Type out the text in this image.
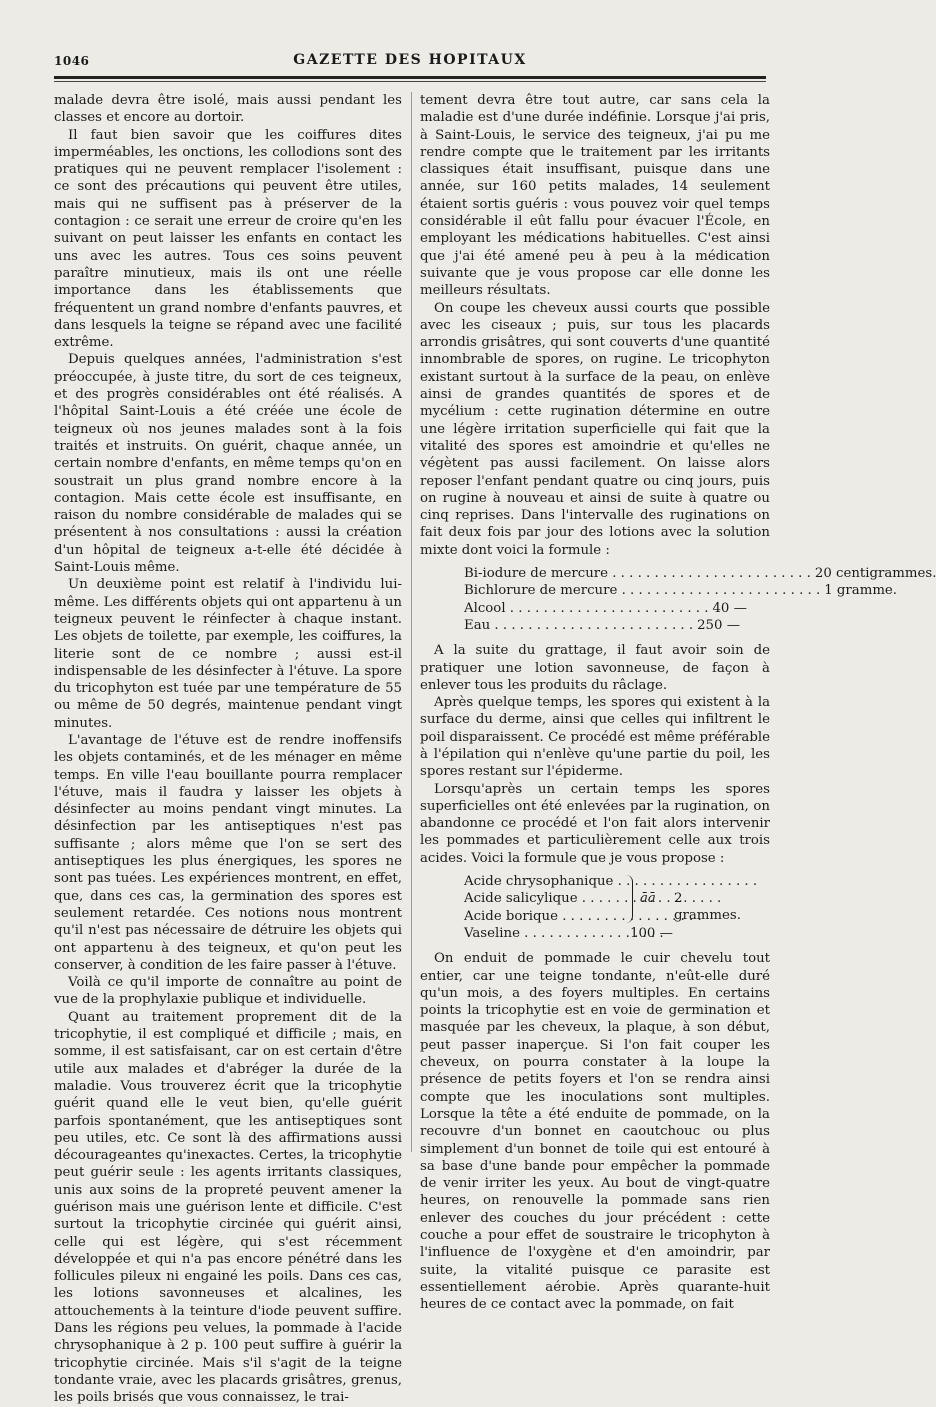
1046	GAZETTE DES HOPITAUX

malade devra être isolé, mais aussi pendant les classes et encore au dortoir.

Il faut bien savoir que les coiffures dites imperméables, les onctions, les collodions sont des pratiques qui ne peuvent remplacer l'isolement : ce sont des précautions qui peuvent être utiles, mais qui ne suffisent pas à préserver de la contagion : ce serait une erreur de croire qu'en les suivant on peut laisser les enfants en contact les uns avec les autres. Tous ces soins peuvent paraître minutieux, mais ils ont une réelle importance dans les établissements que fréquentent un grand nombre d'enfants pauvres, et dans lesquels la teigne se répand avec une facilité extrême.

Depuis quelques années, l'administration s'est préoccupée, à juste titre, du sort de ces teigneux, et des progrès considérables ont été réalisés. A l'hôpital Saint-Louis a été créée une école de teigneux où nos jeunes malades sont à la fois traités et instruits. On guérit, chaque année, un certain nombre d'enfants, en même temps qu'on en soustrait un plus grand nombre encore à la contagion. Mais cette école est insuffisante, en raison du nombre considérable de malades qui se présentent à nos consultations : aussi la création d'un hôpital de teigneux a-t-elle été décidée à Saint-Louis même.

Un deuxième point est relatif à l'individu lui-même. Les différents objets qui ont appartenu à un teigneux peuvent le réinfecter à chaque instant. Les objets de toilette, par exemple, les coiffures, la literie sont de ce nombre ; aussi est-il indispensable de les désinfecter à l'étuve. La spore du tricophyton est tuée par une température de 55 ou même de 50 degrés, maintenue pendant vingt minutes.

L'avantage de l'étuve est de rendre inoffensifs les objets contaminés, et de les ménager en même temps. En ville l'eau bouillante pourra remplacer l'étuve, mais il faudra y laisser les objets à désinfecter au moins pendant vingt minutes. La désinfection par les antiseptiques n'est pas suffisante ; alors même que l'on se sert des antiseptiques les plus énergiques, les spores ne sont pas tuées. Les expériences montrent, en effet, que, dans ces cas, la germination des spores est seulement retardée. Ces notions nous montrent qu'il n'est pas nécessaire de détruire les objets qui ont appartenu à des teigneux, et qu'on peut les conserver, à condition de les faire passer à l'étuve.

Voilà ce qu'il importe de connaître au point de vue de la prophylaxie publique et individuelle.

Quant au traitement proprement dit de la tricophytie, il est compliqué et difficile ; mais, en somme, il est satisfaisant, car on est certain d'être utile aux malades et d'abréger la durée de la maladie. Vous trouverez écrit que la tricophytie guérit quand elle le veut bien, qu'elle guérit parfois spontanément, que les antiseptiques sont peu utiles, etc. Ce sont là des affirmations aussi décourageantes qu'inexactes. Certes, la tricophytie peut guérir seule : les agents irritants classiques, unis aux soins de la propreté peuvent amener la guérison mais une guérison lente et difficile. C'est surtout la tricophytie circinée qui guérit ainsi, celle qui est légère, qui s'est récemment développée et qui n'a pas encore pénétré dans les follicules pileux ni engainé les poils. Dans ces cas, les lotions savonneuses et alcalines, les attouchements à la teinture d'iode peuvent suffire. Dans les régions peu velues, la pommade à l'acide chrysophanique à 2 p. 100 peut suffire à guérir la tricophytie circinée. Mais s'il s'agit de la teigne tondante vraie, avec les placards grisâtres, grenus, les poils brisés que vous connaissez, le trai-

tement devra être tout autre, car sans cela la maladie est d'une durée indéfinie. Lorsque j'ai pris, à Saint-Louis, le service des teigneux, j'ai pu me rendre compte que le traitement par les irritants classiques était insuffisant, puisque dans une année, sur 160 petits malades, 14 seulement étaient sortis guéris : vous pouvez voir quel temps considérable il eût fallu pour évacuer l'École, en employant les médications habituelles. C'est ainsi que j'ai été amené peu à peu à la médication suivante que je vous propose car elle donne les meilleurs résultats.

On coupe les cheveux aussi courts que possible avec les ciseaux ; puis, sur tous les placards arrondis grisâtres, qui sont couverts d'une quantité innombrable de spores, on rugine. Le tricophyton existant surtout à la surface de la peau, on enlève ainsi de grandes quantités de spores et de mycélium : cette rugination détermine en outre une légère irritation superficielle qui fait que la vitalité des spores est amoindrie et qu'elles ne végètent pas aussi facilement. On laisse alors reposer l'enfant pendant quatre ou cinq jours, puis on rugine à nouveau et ainsi de suite à quatre ou cinq reprises. Dans l'intervalle des ruginations on fait deux fois par jour des lotions avec la solution mixte dont voici la formule :

Bi-iodure de mercure . . .	20 centigrammes.
Bichlorure de mercure . . .	1 gramme.
Alcool . . .	40 —
Eau . . .	250 —

A la suite du grattage, il faut avoir soin de pratiquer une lotion savonneuse, de façon à enlever tous les produits du râclage.

Après quelque temps, les spores qui existent à la surface du derme, ainsi que celles qui infiltrent le poil disparaissent. Ce procédé est même préférable à l'épilation qui n'enlève qu'une partie du poil, les spores restant sur l'épiderme.

Lorsqu'après un certain temps les spores superficielles ont été enlevées par la rugination, on abandonne ce procédé et l'on fait alors intervenir les pommades et particulièrement celle aux trois acides. Voici la formule que je vous propose :

Acide chrysophanique . . .
Acide salicylique . . .
Acide borique . . .
āā 2 grammes.
Vaseline . . .	100 —

On enduit de pommade le cuir chevelu tout entier, car une teigne tondante, n'eût-elle duré qu'un mois, a des foyers multiples. En certains points la tricophytie est en voie de germination et masquée par les cheveux, la plaque, à son début, peut passer inaperçue. Si l'on fait couper les cheveux, on pourra constater à la loupe la présence de petits foyers et l'on se rendra ainsi compte que les inoculations sont multiples. Lorsque la tête a été enduite de pommade, on la recouvre d'un bonnet en caoutchouc ou plus simplement d'un bonnet de toile qui est entouré à sa base d'une bande pour empêcher la pommade de venir irriter les yeux. Au bout de vingt-quatre heures, on renouvelle la pommade sans rien enlever des couches du jour précédent : cette couche a pour effet de soustraire le tricophyton à l'influence de l'oxygène et d'en amoindrir, par suite, la vitalité puisque ce parasite est essentiellement aérobie. Après quarante-huit heures de ce contact avec la pommade, on fait
